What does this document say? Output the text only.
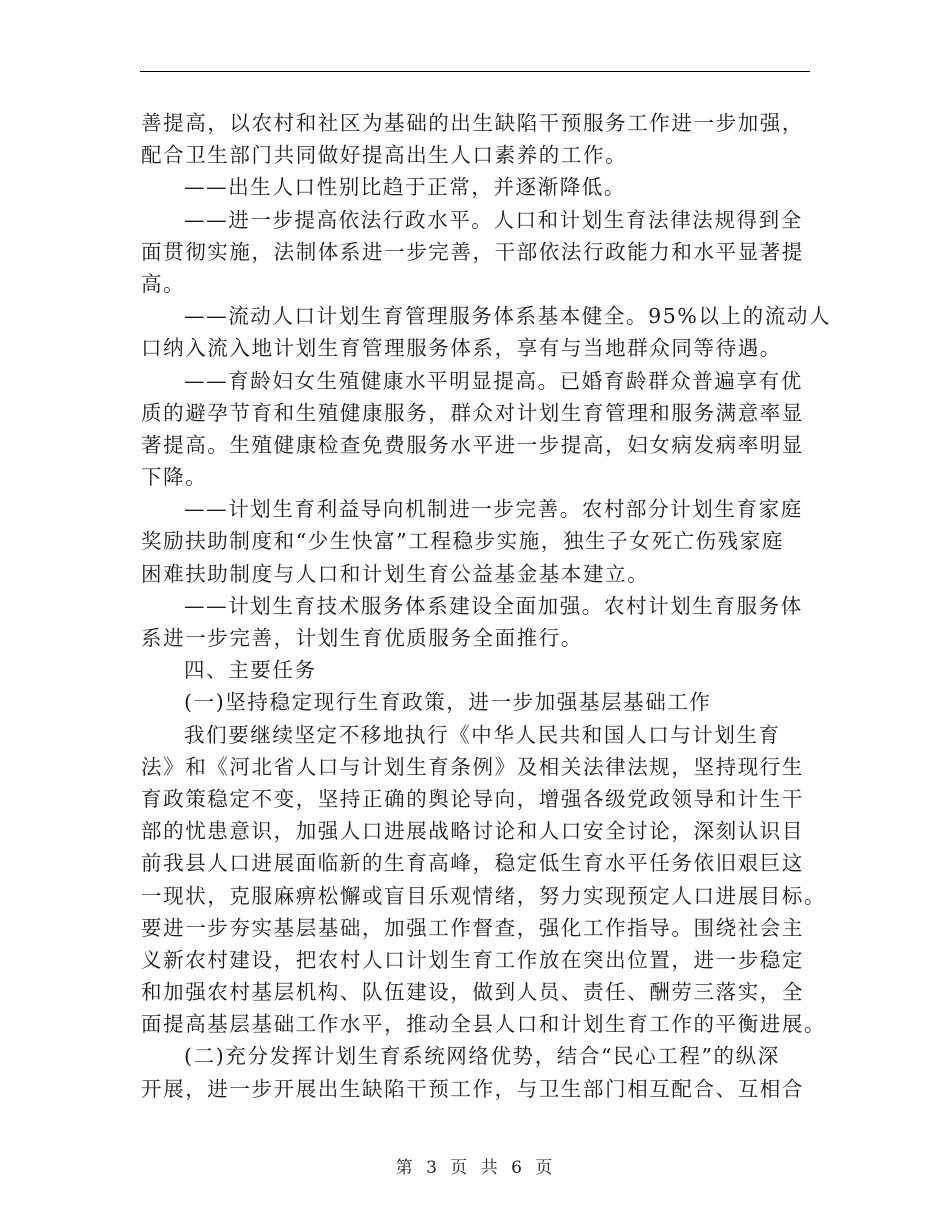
善提高，以农村和社区为基础的出生缺陷干预服务工作进一步加强，
配合卫生部门共同做好提高出生人口素养的工作。
——出生人口性别比趋于正常，并逐渐降低。
——进一步提高依法行政水平。人口和计划生育法律法规得到全
面贯彻实施，法制体系进一步完善，干部依法行政能力和水平显著提
高。
——流动人口计划生育管理服务体系基本健全。95%以上的流动人
口纳入流入地计划生育管理服务体系，享有与当地群众同等待遇。
——育龄妇女生殖健康水平明显提高。已婚育龄群众普遍享有优
质的避孕节育和生殖健康服务，群众对计划生育管理和服务满意率显
著提高。生殖健康检查免费服务水平进一步提高，妇女病发病率明显
下降。
——计划生育利益导向机制进一步完善。农村部分计划生育家庭
奖励扶助制度和“少生快富”工程稳步实施，独生子女死亡伤残家庭
困难扶助制度与人口和计划生育公益基金基本建立。
——计划生育技术服务体系建设全面加强。农村计划生育服务体
系进一步完善，计划生育优质服务全面推行。
四、主要任务
(一)坚持稳定现行生育政策，进一步加强基层基础工作
我们要继续坚定不移地执行《中华人民共和国人口与计划生育
法》和《河北省人口与计划生育条例》及相关法律法规，坚持现行生
育政策稳定不变，坚持正确的舆论导向，增强各级党政领导和计生干
部的忧患意识，加强人口进展战略讨论和人口安全讨论，深刻认识目
前我县人口进展面临新的生育高峰，稳定低生育水平任务依旧艰巨这
一现状，克服麻痹松懈或盲目乐观情绪，努力实现预定人口进展目标。
要进一步夯实基层基础，加强工作督查，强化工作指导。围绕社会主
义新农村建设，把农村人口计划生育工作放在突出位置，进一步稳定
和加强农村基层机构、队伍建设，做到人员、责任、酬劳三落实，全
面提高基层基础工作水平，推动全县人口和计划生育工作的平衡进展。
(二)充分发挥计划生育系统网络优势，结合“民心工程”的纵深
开展，进一步开展出生缺陷干预工作，与卫生部门相互配合、互相合
第 3 页 共 6 页
